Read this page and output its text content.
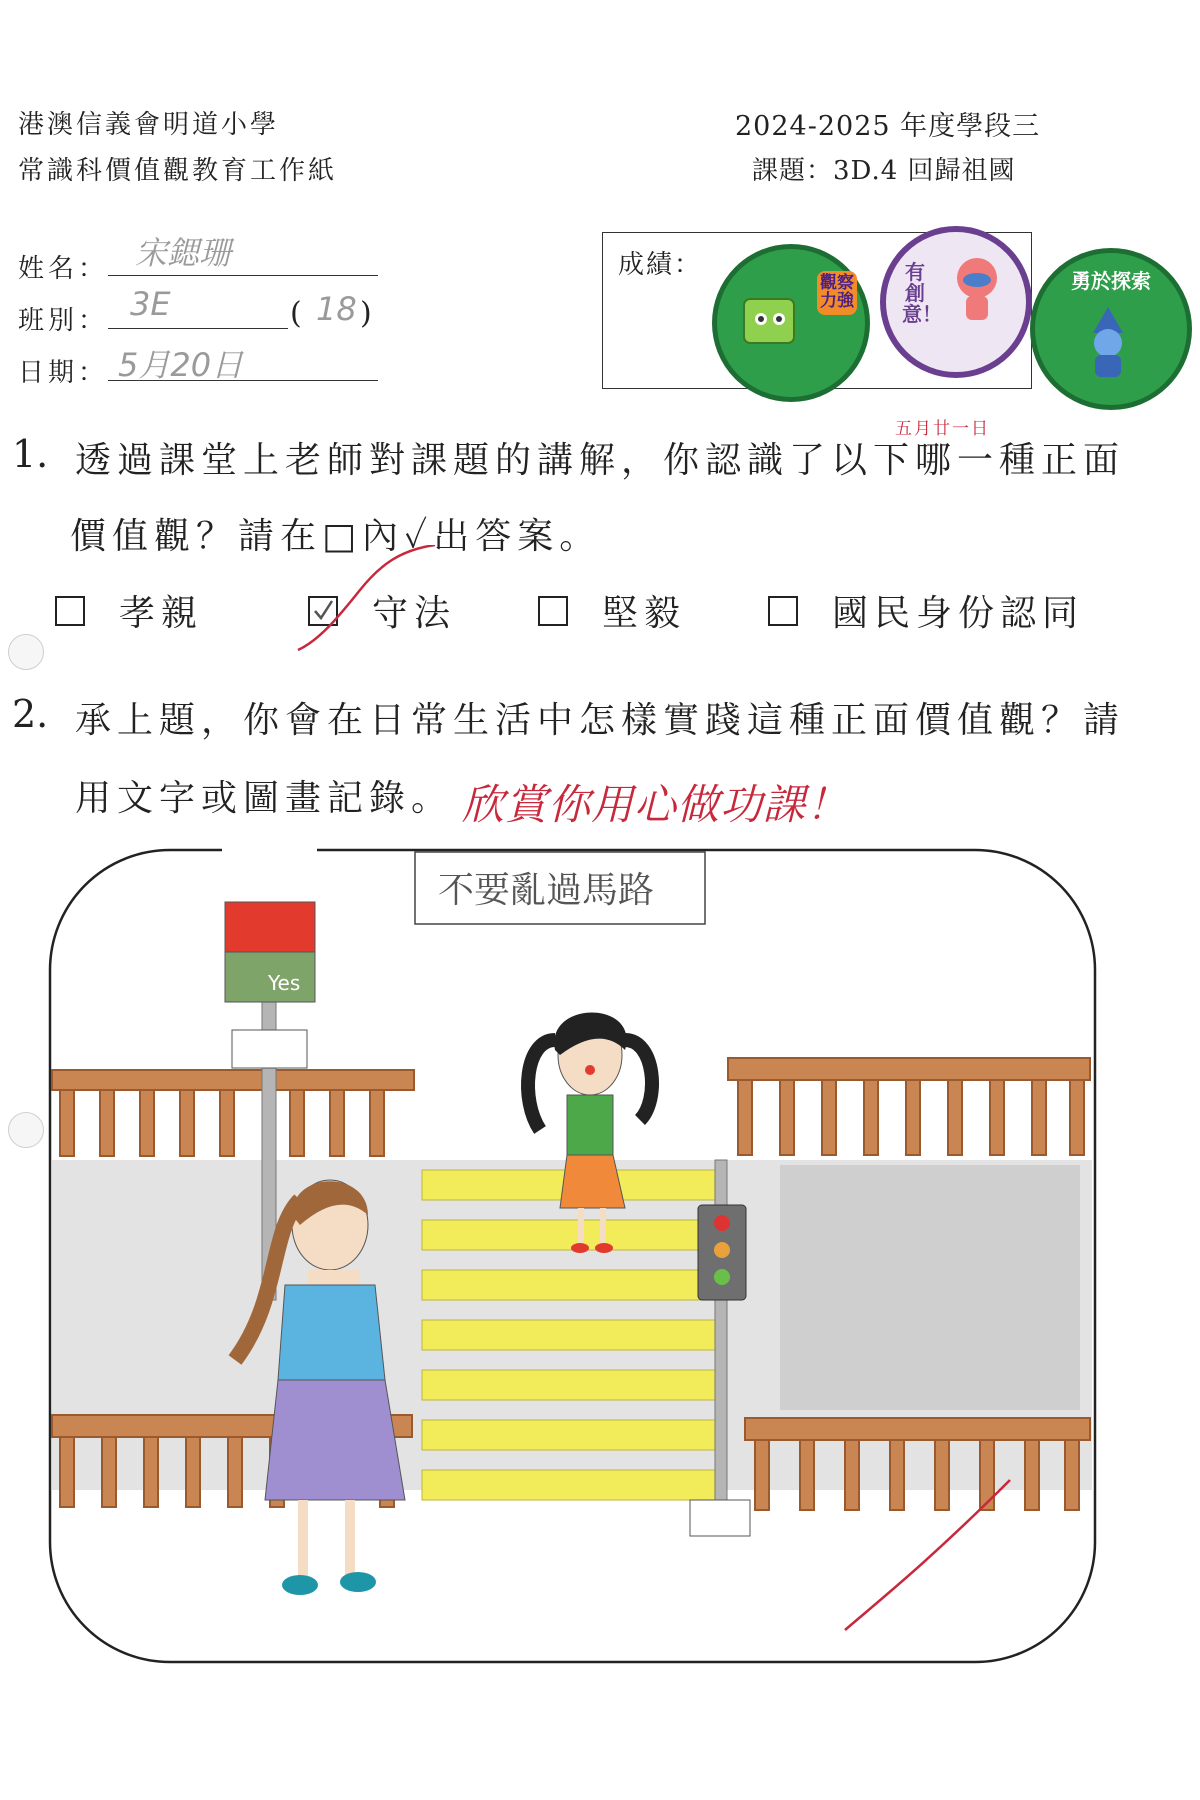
港澳信義會明道小學
常識科價值觀教育工作紙
2024-2025 年度學段三
課題：3D.4 回歸祖國
姓名： 宋鍶珊
班別： 3E	( 18 )
日期： 5月20日
成績：
觀察力強
有創意！
勇於探索
1. 透過課堂上老師對課題的講解，你認識了以下哪一種正面
五月廿一日
價值觀？請在□內✓出答案。
孝親	守法	堅毅	國民身份認同
2. 承上題，你會在日常生活中怎樣實踐這種正面價值觀？請
用文字或圖畫記錄。 欣賞你用心做功課！
Yes
不要亂過馬路
